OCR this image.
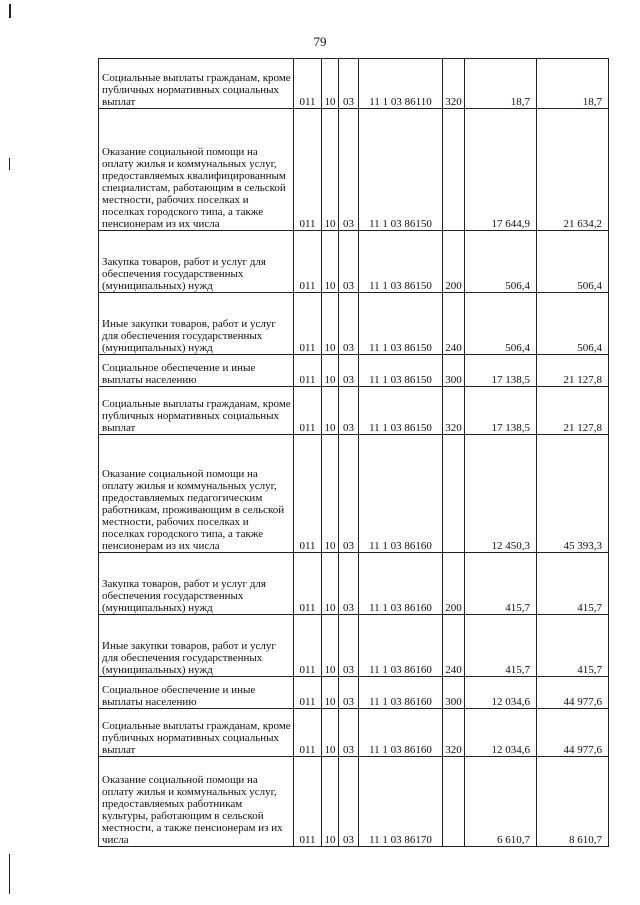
79
Социальные выплаты гражданам, кроме публичных нормативных социальных выплат	011	10	03	11 1 03 86110	320	18,7	18,7
Оказание социальной помощи на оплату жилья и коммунальных услуг, предоставляемых квалифицированным специалистам, работающим в сельской местности, рабочих поселках и поселках городского типа, а также пенсионерам из их числа	011	10	03	11 1 03 86150		17 644,9	21 634,2
Закупка товаров, работ и услуг для обеспечения государственных (муниципальных) нужд	011	10	03	11 1 03 86150	200	506,4	506,4
Иные закупки товаров, работ и услуг для обеспечения государственных (муниципальных) нужд	011	10	03	11 1 03 86150	240	506,4	506,4
Социальное обеспечение и иные выплаты населению	011	10	03	11 1 03 86150	300	17 138,5	21 127,8
Социальные выплаты гражданам, кроме публичных нормативных социальных выплат	011	10	03	11 1 03 86150	320	17 138,5	21 127,8
Оказание социальной помощи на оплату жилья и коммунальных услуг, предоставляемых педагогическим работникам, проживающим в сельской местности, рабочих поселках и поселках городского типа, а также пенсионерам из их числа	011	10	03	11 1 03 86160		12 450,3	45 393,3
Закупка товаров, работ и услуг для обеспечения государственных (муниципальных) нужд	011	10	03	11 1 03 86160	200	415,7	415,7
Иные закупки товаров, работ и услуг для обеспечения государственных (муниципальных) нужд	011	10	03	11 1 03 86160	240	415,7	415,7
Социальное обеспечение и иные выплаты населению	011	10	03	11 1 03 86160	300	12 034,6	44 977,6
Социальные выплаты гражданам, кроме публичных нормативных социальных выплат	011	10	03	11 1 03 86160	320	12 034,6	44 977,6
Оказание социальной помощи на оплату жилья и коммунальных услуг, предоставляемых работникам культуры, работающим в сельской местности, а также пенсионерам из их числа	011	10	03	11 1 03 86170		6 610,7	8 610,7
